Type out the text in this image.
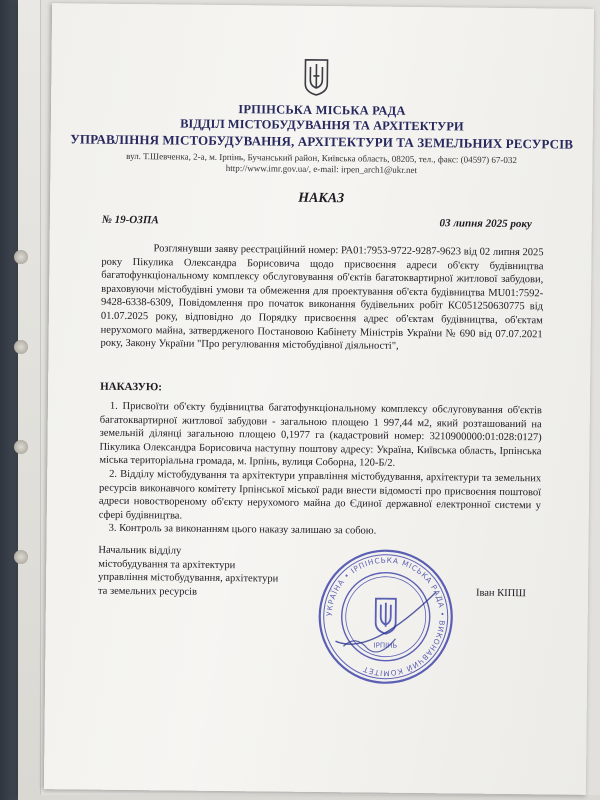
ІРПІНСЬКА МІСЬКА РАДА
ВІДДІЛ МІСТОБУДУВАННЯ ТА АРХІТЕКТУРИ
УПРАВЛІННЯ МІСТОБУДУВАННЯ, АРХІТЕКТУРИ ТА ЗЕМЕЛЬНИХ РЕСУРСІВ
вул. Т.Шевченка, 2-а, м. Ірпінь, Бучанський район, Київська область, 08205, тел., факс: (04597) 67-032
http://www.imr.gov.ua/, e-mail: irpen_arch1@ukr.net
НАКАЗ
№ 19-ОЗПА	03 липня 2025 року
Розглянувши заяву реєстраційний номер: РА01:7953-9722-9287-9623 від 02 липня 2025 року Пікулика Олександра Борисовича щодо присвоєння адреси об'єкту будівництва багатофункціональному комплексу обслуговування об'єктів багатоквартирної житлової забудови, враховуючи містобудівні умови та обмеження для проектування об'єкта будівництва MU01:7592-9428-6338-6309, Повідомлення про початок виконання будівельних робіт КС051250630775 від 01.07.2025 року, відповідно до Порядку присвоєння адрес об'єктам будівництва, об'єктам нерухомого майна, затвердженого Постановою Кабінету Міністрів України № 690 від 07.07.2021 року, Закону України "Про регулювання містобудівної діяльності",
НАКАЗУЮ:

1. Присвоїти об'єкту будівництва багатофункціональному комплексу обслуговування об'єктів багатоквартирної житлової забудови - загальною площею 1 997,44 м2, який розташований на земельній ділянці загальною площею 0,1977 га (кадастровий номер: 3210900000:01:028:0127) Пікулика Олександра Борисовича наступну поштову адресу: Україна, Київська область, Ірпінська міська територіальна громада, м. Ірпінь, вулиця Соборна, 120-Б/2.

2. Відділу містобудування та архітектури управління містобудування, архітектури та земельних ресурсів виконавчого комітету Ірпінської міської ради внести відомості про присвоєння поштової адреси новоствореному об'єкту нерухомого майна до Єдиної державної електронної системи у сфері будівництва.

3. Контроль за виконанням цього наказу залишаю за собою.

Начальник відділу
містобудування та архітектури
управління містобудування, архітектури
та земельних ресурсів
УКРАЇНА • ІРПІНСЬКА МІСЬКА РАДА • ВИКОНАВЧИЙ КОМІТЕТ
ІРПІНЬ
Іван КІПШ
